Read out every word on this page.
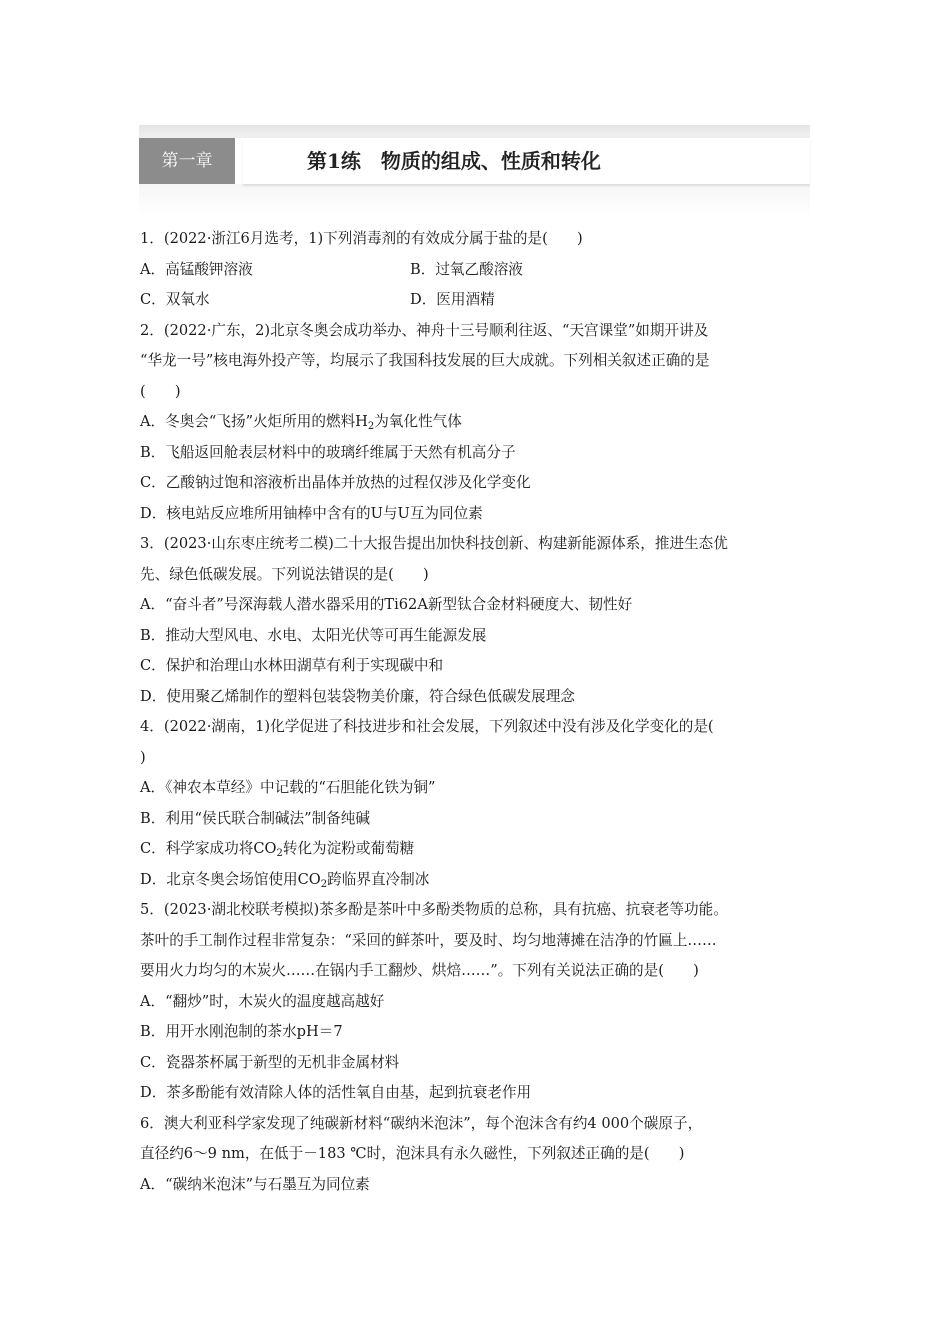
第一章	第1练　物质的组成、性质和转化
1．(2022·浙江6月选考，1)下列消毒剂的有效成分属于盐的是(　　)
A．高锰酸钾溶液	B．过氧乙酸溶液
C．双氧水	D．医用酒精
2．(2022·广东，2)北京冬奥会成功举办、神舟十三号顺利往返、“天宫课堂”如期开讲及
“华龙一号”核电海外投产等，均展示了我国科技发展的巨大成就。下列相关叙述正确的是
(　　)
A．冬奥会“飞扬”火炬所用的燃料$H_2$为氧化性气体
B．飞船返回舱表层材料中的玻璃纤维属于天然有机高分子
C．乙酸钠过饱和溶液析出晶体并放热的过程仅涉及化学变化
D．核电站反应堆所用铀棒中含有的U与U互为同位素
3．(2023·山东枣庄统考二模)二十大报告提出加快科技创新、构建新能源体系，推进生态优
先、绿色低碳发展。下列说法错误的是(　　)
A．“奋斗者”号深海载人潜水器采用的Ti62A新型钛合金材料硬度大、韧性好
B．推动大型风电、水电、太阳光伏等可再生能源发展
C．保护和治理山水林田湖草有利于实现碳中和
D．使用聚乙烯制作的塑料包装袋物美价廉，符合绿色低碳发展理念
4．(2022·湖南，1)化学促进了科技进步和社会发展，下列叙述中没有涉及化学变化的是(
)
A．《神农本草经》中记载的“石胆能化铁为铜”
B．利用“侯氏联合制碱法”制备纯碱
C．科学家成功将$CO_2$转化为淀粉或葡萄糖
D．北京冬奥会场馆使用$CO_2$跨临界直冷制冰
5．(2023·湖北校联考模拟)茶多酚是茶叶中多酚类物质的总称，具有抗癌、抗衰老等功能。
茶叶的手工制作过程非常复杂：“采回的鲜茶叶，要及时、均匀地薄摊在洁净的竹匾上……
要用火力均匀的木炭火……在锅内手工翻炒、烘焙……”。下列有关说法正确的是(　　)
A．“翻炒”时，木炭火的温度越高越好
B．用开水刚泡制的茶水pH＝7
C．瓷器茶杯属于新型的无机非金属材料
D．茶多酚能有效清除人体的活性氧自由基，起到抗衰老作用
6．澳大利亚科学家发现了纯碳新材料“碳纳米泡沫”，每个泡沫含有约4 000个碳原子，
直径约6～9 nm，在低于－183 ℃时，泡沫具有永久磁性，下列叙述正确的是(　　)
A．“碳纳米泡沫”与石墨互为同位素
